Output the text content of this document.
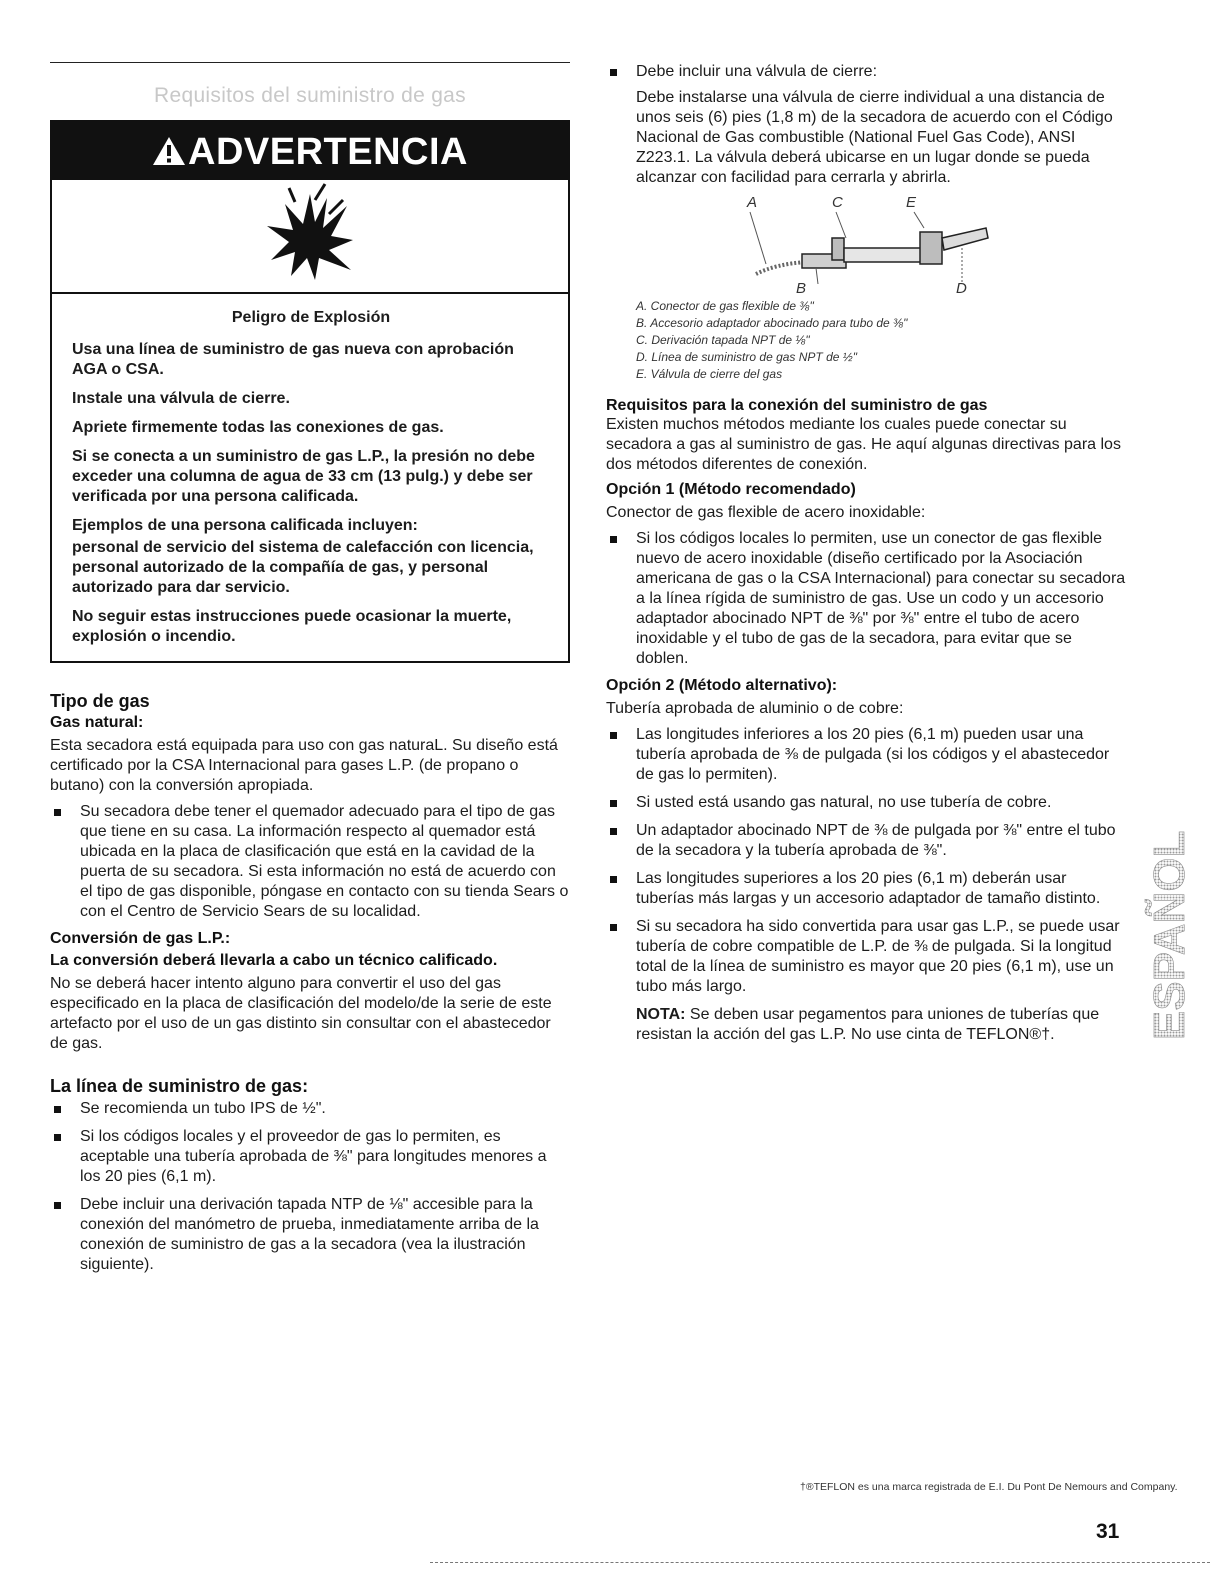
Requisitos del suministro de gas
ADVERTENCIA
Peligro de Explosión

Usa una línea de suministro de gas nueva con aprobación AGA o CSA.

Instale una válvula de cierre.

Apriete firmemente todas las conexiones de gas.

Si se conecta a un suministro de gas L.P., la presión no debe exceder una columna de agua de 33 cm (13 pulg.) y debe ser verificada por una persona calificada.

Ejemplos de una persona calificada incluyen:

personal de servicio del sistema de calefacción con licencia, personal autorizado de la compañía de gas, y personal autorizado para dar servicio.

No seguir estas instrucciones puede ocasionar la muerte, explosión o incendio.

Tipo de gas
Gas natural:

Esta secadora está equipada para uso con gas naturaL. Su diseño está certificado por la CSA Internacional para gases L.P. (de propano o butano) con la conversión apropiada.

Su secadora debe tener el quemador adecuado para el tipo de gas que tiene en su casa. La información respecto al quemador está ubicada en la placa de clasificación que está en la cavidad de la puerta de su secadora. Si esta información no está de acuerdo con el tipo de gas disponible, póngase en contacto con su tienda Sears o con el Centro de Servicio Sears de su localidad.
Conversión de gas L.P.:
La conversión deberá llevarla a cabo un técnico calificado.

No se deberá hacer intento alguno para convertir el uso del gas especificado en la placa de clasificación del modelo/de la serie de este artefacto por el uso de un gas distinto sin consultar con el abastecedor de gas.

La línea de suministro de gas:
Se recomienda un tubo IPS de ½".
Si los códigos locales y el proveedor de gas lo permiten, es aceptable una tubería aprobada de ⅜" para longitudes menores a los 20 pies (6,1 m).
Debe incluir una derivación tapada NTP de ⅛" accesible para la conexión del manómetro de prueba, inmediatamente arriba de la conexión de suministro de gas a la secadora (vea la ilustración siguiente).
Debe incluir una válvula de cierre:

Debe instalarse una válvula de cierre individual a una distancia de unos seis (6) pies (1,8 m) de la secadora de acuerdo con el Código Nacional de Gas combustible (National Fuel Gas Code), ANSI Z223.1. La válvula deberá ubicarse en un lugar donde se pueda alcanzar con facilidad para cerrarla y abrirla.

A	C	E
B	D
A. Conector de gas flexible de ⅜"
B. Accesorio adaptador abocinado para tubo de ⅜"
C. Derivación tapada NPT de ⅛"
D. Línea de suministro de gas NPT de ½"
E. Válvula de cierre del gas
Requisitos para la conexión del suministro de gas

Existen muchos métodos mediante los cuales puede conectar su secadora a gas al suministro de gas. He aquí algunas directivas para los dos métodos diferentes de conexión.

Opción 1 (Método recomendado)

Conector de gas flexible de acero inoxidable:

Si los códigos locales lo permiten, use un conector de gas flexible nuevo de acero inoxidable (diseño certificado por la Asociación americana de gas o la CSA Internacional) para conectar su secadora a la línea rígida de suministro de gas. Use un codo y un accesorio adaptador abocinado NPT de ⅜" por ⅜" entre el tubo de acero inoxidable y el tubo de gas de la secadora, para evitar que se doblen.
Opción 2 (Método alternativo):

Tubería aprobada de aluminio o de cobre:

Las longitudes inferiores a los 20 pies (6,1 m) pueden usar una tubería aprobada de ⅜ de pulgada (si los códigos y el abastecedor de gas lo permiten).
Si usted está usando gas natural, no use tubería de cobre.
Un adaptador abocinado NPT de ⅜ de pulgada por ⅜" entre el tubo de la secadora y la tubería aprobada de ⅜".
Las longitudes superiores a los 20 pies (6,1 m) deberán usar tuberías más largas y un accesorio adaptador de tamaño distinto.
Si su secadora ha sido convertida para usar gas L.P., se puede usar tubería de cobre compatible de L.P. de ⅜ de pulgada. Si la longitud total de la línea de suministro es mayor que 20 pies (6,1 m), use un tubo más largo.

NOTA: Se deben usar pegamentos para uniones de tuberías que resistan la acción del gas L.P. No use cinta de TEFLON®†.	ESPAÑOL
†®TEFLON es una marca registrada de E.I. Du Pont De Nemours and Company.
31
